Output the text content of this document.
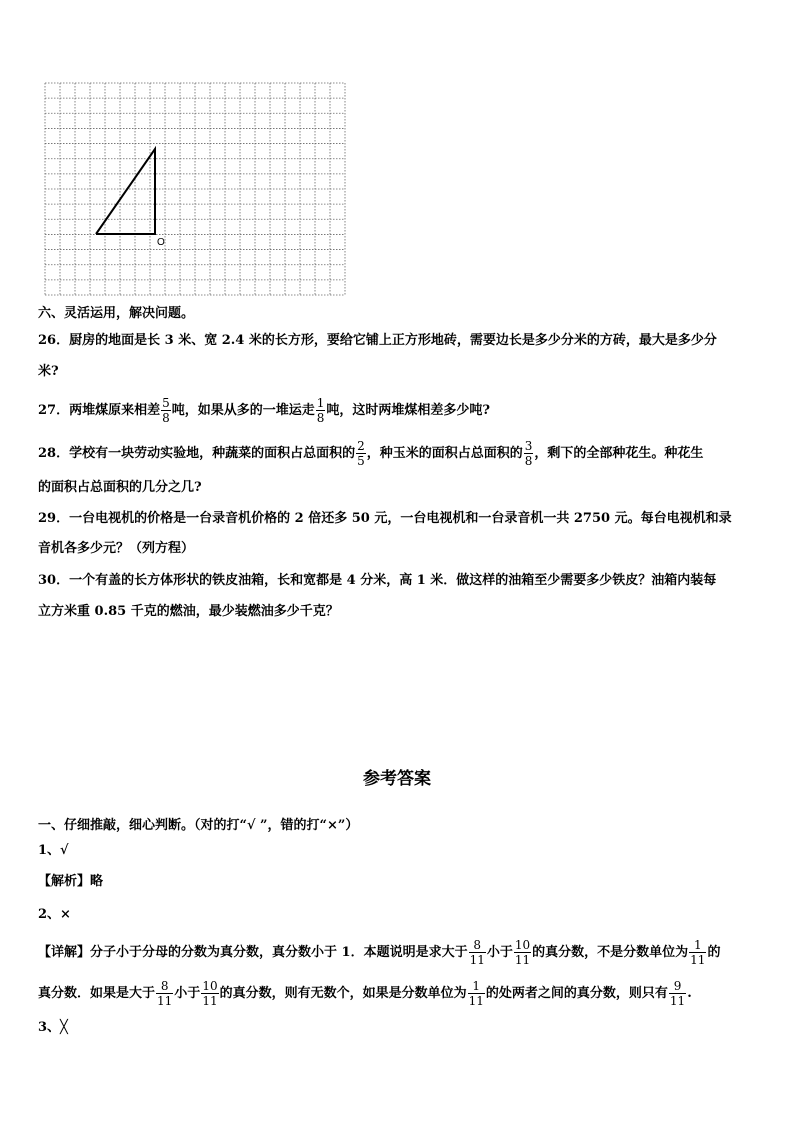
O
六、灵活运用，解决问题。
26．厨房的地面是长 3 米、宽 2.4 米的长方形，要给它铺上正方形地砖，需要边长是多少分米的方砖，最大是多少分
米?
27．两堆煤原来相差 $\frac{5}{8}$ 吨，如果从多的一堆运走 $\frac{1}{8}$ 吨，这时两堆煤相差多少吨?
28．学校有一块劳动实验地，种蔬菜的面积占总面积的 $\frac{2}{5}$ ，种玉米的面积占总面积的 $\frac{3}{8}$ ，剩下的全部种花生。种花生
的面积占总面积的几分之几?
29．一台电视机的价格是一台录音机价格的 2 倍还多 50 元，一台电视机和一台录音机一共 2750 元。每台电视机和录
音机各多少元？（列方程）
30．一个有盖的长方体形状的铁皮油箱，长和宽都是 4 分米，高 1 米．做这样的油箱至少需要多少铁皮？油箱内装每
立方米重 0.85 千克的燃油，最少装燃油多少千克？
参考答案
一、仔细推敲，细心判断。（对的打“√ ”，错的打“×”）
1、√
【解析】略
2、×
【详解】分子小于分母的分数为真分数，真分数小于 1．本题说明是求大于 $\frac{8}{11}$ 小于 $\frac{10}{11}$ 的真分数，不是分数单位为 $\frac{1}{11}$ 的
真分数．如果是大于 $\frac{8}{11}$ 小于 $\frac{10}{11}$ 的真分数，则有无数个，如果是分数单位为 $\frac{1}{11}$ 的处两者之间的真分数，则只有 $\frac{9}{11}$ .
3、╳
